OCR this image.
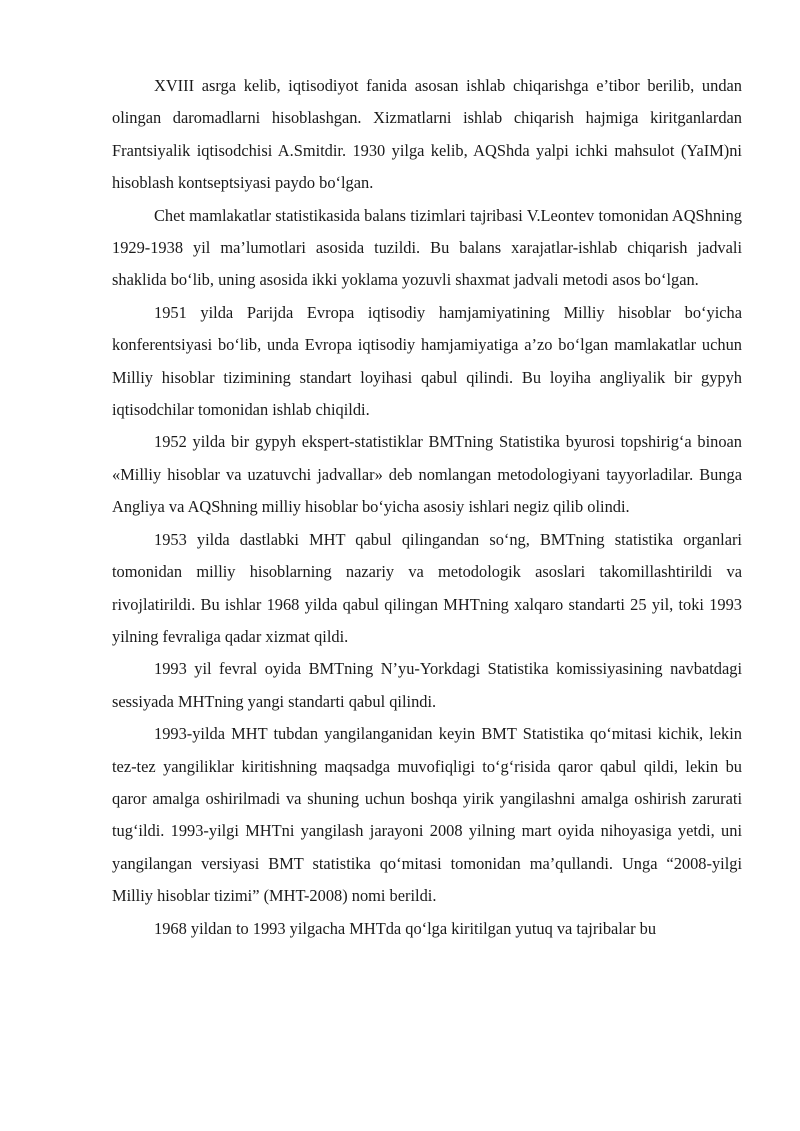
XVIII asrga kelib, iqtisodiyot fanida asosan ishlab chiqarishga e’tibor berilib, undan olingan daromadlarni hisoblashgan. Xizmatlarni ishlab chiqarish hajmiga kiritganlardan Frantsiyalik iqtisodchisi A.Smitdir. 1930 yilga kelib, AQShda yalpi ichki mahsulot (YaIM)ni hisoblash kontseptsiyasi paydo bo‘lgan.

Chet mamlakatlar statistikasida balans tizimlari tajribasi V.Leontev tomonidan AQShning 1929-1938 yil ma’lumotlari asosida tuzildi. Bu balans xarajatlar-ishlab chiqarish jadvali shaklida bo‘lib, uning asosida ikki yoklama yozuvli shaxmat jadvali metodi asos bo‘lgan.

1951 yilda Parijda Evropa iqtisodiy hamjamiyatining Milliy hisoblar bo‘yicha konferentsiyasi bo‘lib, unda Evropa iqtisodiy hamjamiyatiga a’zo bo‘lgan mamlakatlar uchun Milliy hisoblar tizimining standart loyihasi qabul qilindi. Bu loyiha angliyalik bir gypyh iqtisodchilar tomonidan ishlab chiqildi.

1952 yilda bir gypyh ekspert-statistiklar BMTning Statistika byurosi topshirig‘a binoan «Milliy hisoblar va uzatuvchi jadvallar» deb nomlangan metodologiyani tayyorladilar. Bunga Angliya va AQShning milliy hisoblar bo‘yicha asosiy ishlari negiz qilib olindi.

1953 yilda dastlabki MHT qabul qilingandan so‘ng, BMTning statistika organlari tomonidan milliy hisoblarning nazariy va metodologik asoslari takomillashtirildi va rivojlatirildi. Bu ishlar 1968 yilda qabul qilingan MHTning xalqaro standarti 25 yil, toki 1993 yilning fevraliga qadar xizmat qildi.

1993 yil fevral oyida BMTning N’yu-Yorkdagi Statistika komissiyasining navbatdagi sessiyada MHTning yangi standarti qabul qilindi.

1993-yilda MHT tubdan yangilanganidan keyin BMT Statistika qo‘mitasi kichik, lekin tez-tez yangiliklar kiritishning maqsadga muvofiqligi to‘g‘risida qaror qabul qildi, lekin bu qaror amalga oshirilmadi va shuning uchun boshqa yirik yangilashni amalga oshirish zarurati tug‘ildi. 1993-yilgi MHTni yangilash jarayoni 2008 yilning mart oyida nihoyasiga yetdi, uni yangilangan versiyasi BMT statistika qo‘mitasi tomonidan ma’qullandi. Unga “2008-yilgi Milliy hisoblar tizimi” (MHT-2008) nomi berildi.

1968 yildan to 1993 yilgacha MHTda qo‘lga kiritilgan yutuq va tajribalar bu
